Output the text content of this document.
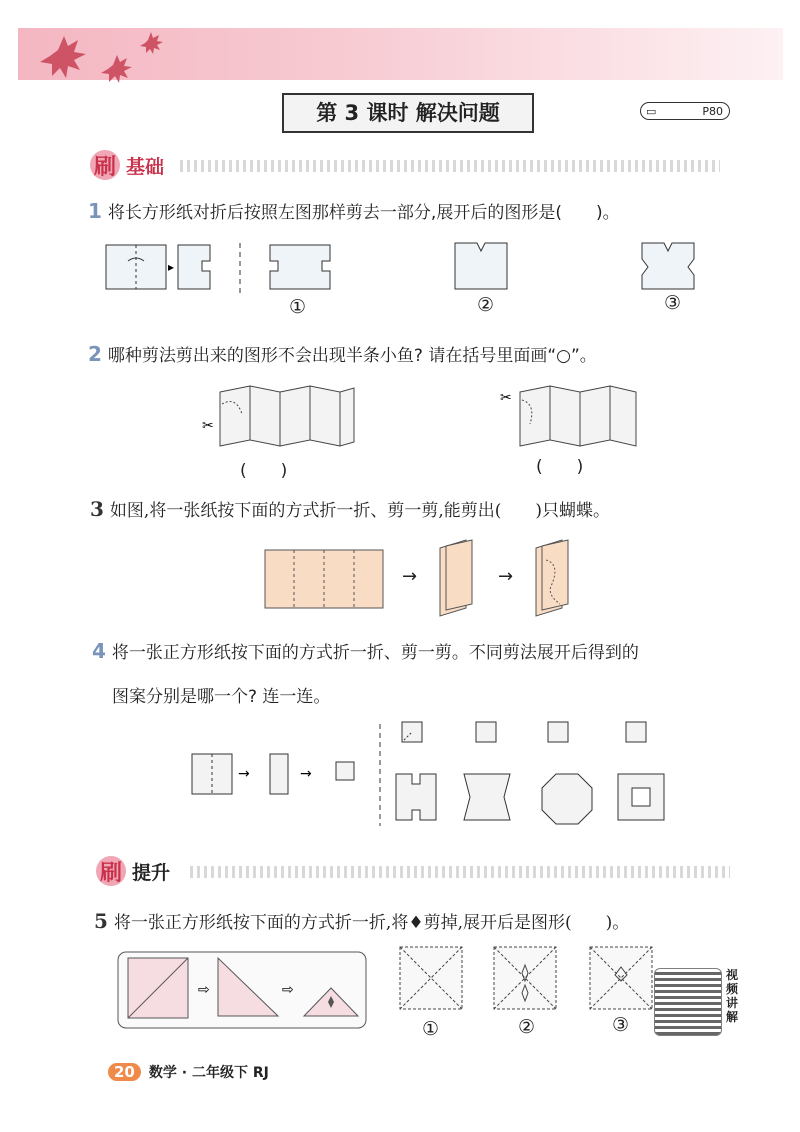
第 3 课时 解决问题	▭	P80
刷 基础
1 将长方形纸对折后按照左图那样剪去一部分,展开后的图形是(　　)。
▸
①	②	③
2 哪种剪法剪出来的图形不会出现半条小鱼? 请在括号里面画“○”。
✂
✂
(　　)	(　　)
3 如图,将一张纸按下面的方式折一折、剪一剪,能剪出(　　)只蝴蝶。
→	→
4 将一张正方形纸按下面的方式折一折、剪一剪。不同剪法展开后得到的
图案分别是哪一个? 连一连。
→	→
刷 提升
5 将一张正方形纸按下面的方式折一折,将♦剪掉,展开后是图形(　　)。
⇨	⇨
①	②	③
视频讲解
20	数学 · 二年级下 RJ
